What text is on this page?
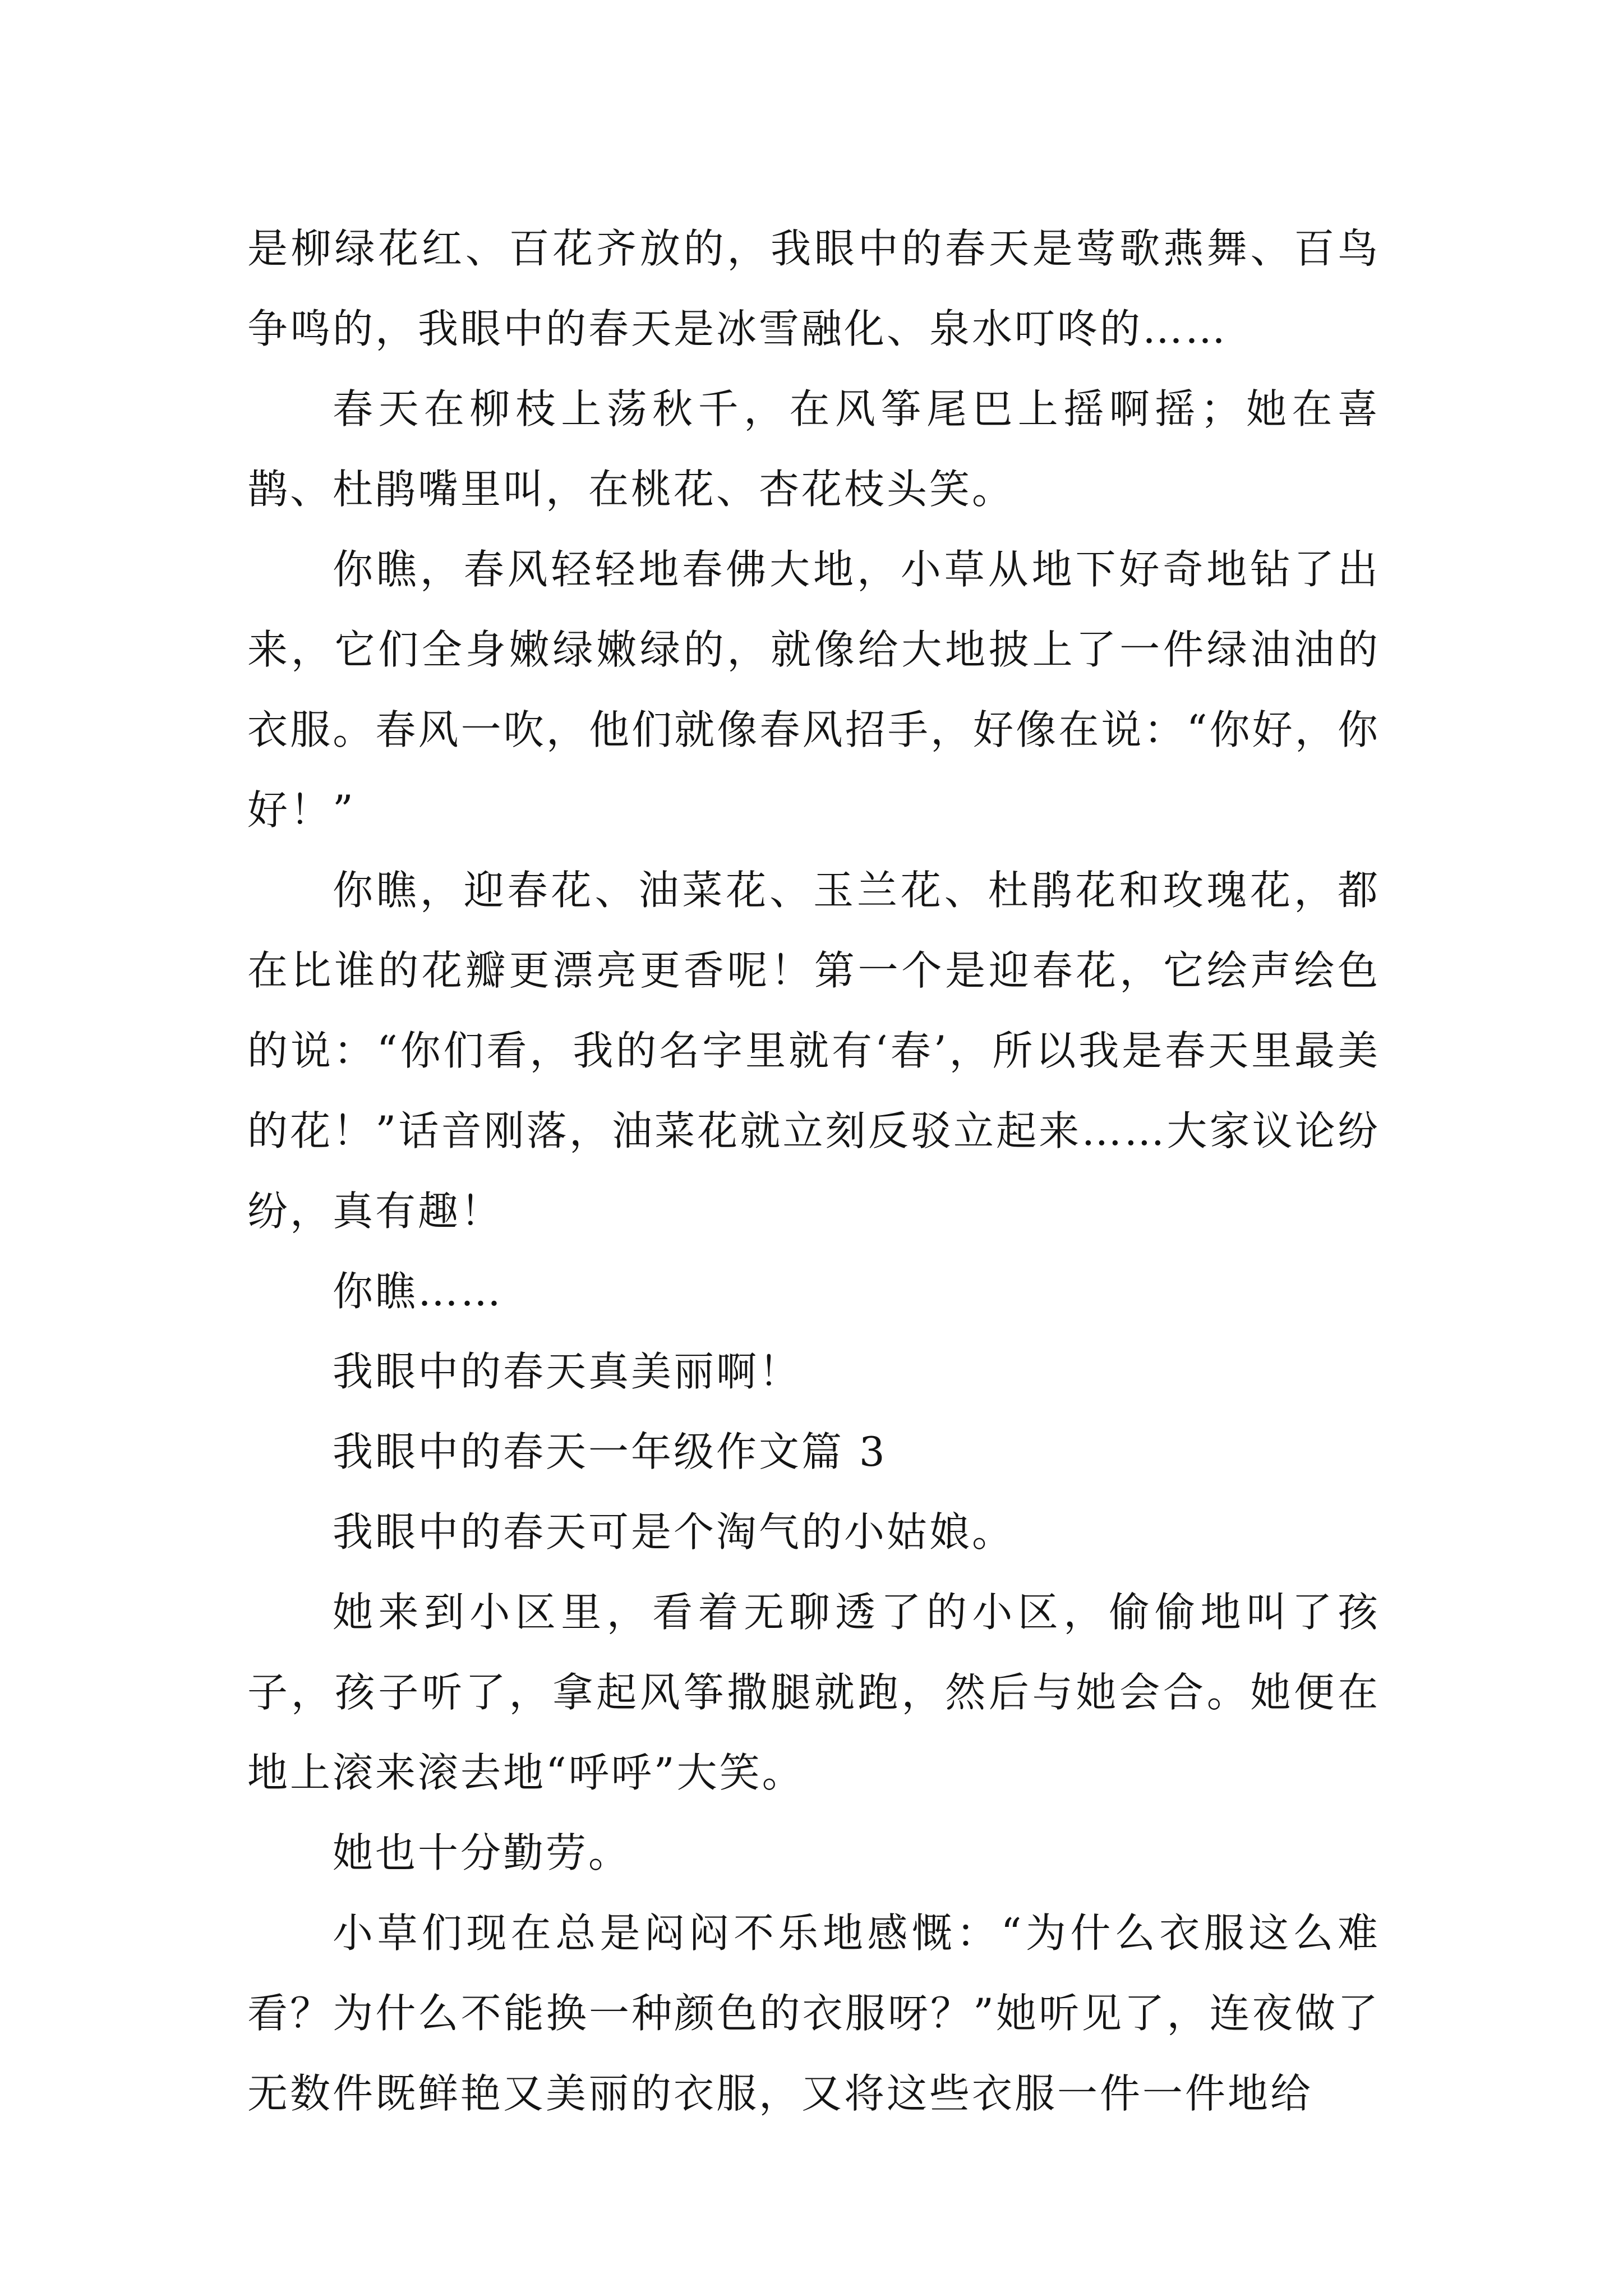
是柳绿花红、百花齐放的，我眼中的春天是莺歌燕舞、百鸟争鸣的，我眼中的春天是冰雪融化、泉水叮咚的……

春天在柳枝上荡秋千，在风筝尾巴上摇啊摇；她在喜鹊、杜鹃嘴里叫，在桃花、杏花枝头笑。

你瞧，春风轻轻地春佛大地，小草从地下好奇地钻了出来，它们全身嫩绿嫩绿的，就像给大地披上了一件绿油油的衣服。春风一吹，他们就像春风招手，好像在说：“你好，你好！”

你瞧，迎春花、油菜花、玉兰花、杜鹃花和玫瑰花，都在比谁的花瓣更漂亮更香呢！第一个是迎春花，它绘声绘色的说：“你们看，我的名字里就有‘春’，所以我是春天里最美的花！”话音刚落，油菜花就立刻反驳立起来……大家议论纷纷，真有趣！

你瞧……

我眼中的春天真美丽啊！

我眼中的春天一年级作文篇 3

我眼中的春天可是个淘气的小姑娘。

她来到小区里，看着无聊透了的小区，偷偷地叫了孩子，孩子听了，拿起风筝撒腿就跑，然后与她会合。她便在地上滚来滚去地“呼呼”大笑。

她也十分勤劳。

小草们现在总是闷闷不乐地感慨：“为什么衣服这么难看？为什么不能换一种颜色的衣服呀？”她听见了，连夜做了无数件既鲜艳又美丽的衣服，又将这些衣服一件一件地给
